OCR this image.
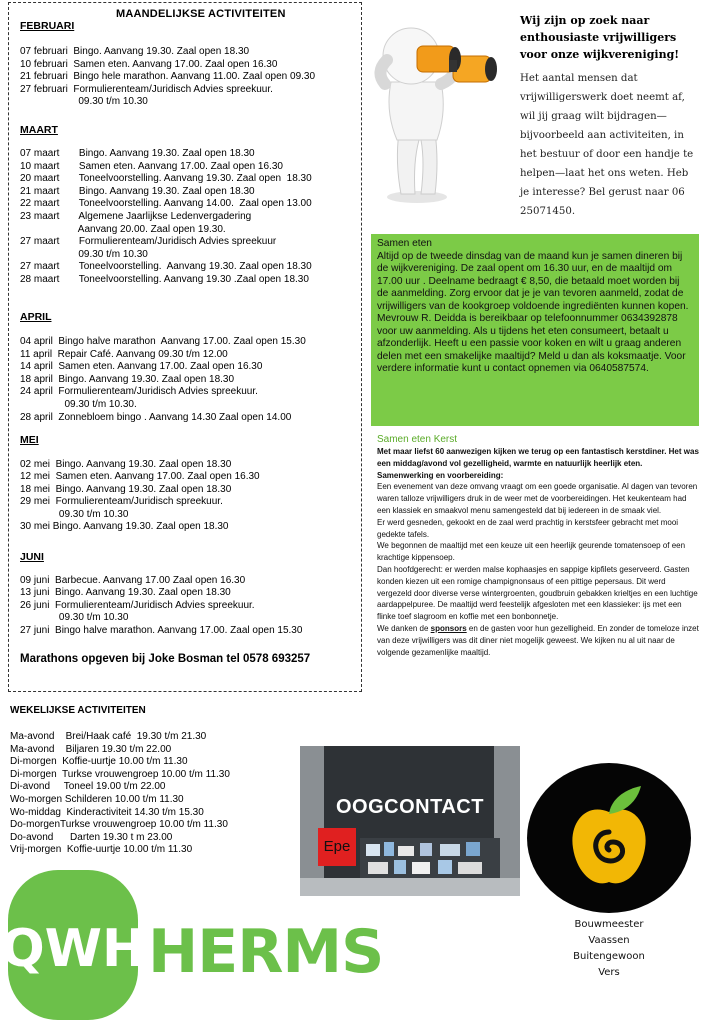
MAANDELIJKSE ACTIVITEITEN
FEBRUARI
07 februari  Bingo. Aanvang 19.30. Zaal open 18.30
10 februari  Samen eten. Aanvang 17.00. Zaal open 16.30
21 februari  Bingo hele marathon. Aanvang 11.00. Zaal open 09.30
27 februari  Formulierenteam/Juridisch Advies spreekuur.
09.30 t/m 10.30
MAART
07 maart       Bingo. Aanvang 19.30. Zaal open 18.30
10 maart       Samen eten. Aanvang 17.00. Zaal open 16.30
20 maart       Toneelvoorstelling. Aanvang 19.30. Zaal open  18.30
21 maart       Bingo. Aanvang 19.30. Zaal open 18.30
22 maart       Toneelvoorstelling. Aanvang 14.00.  Zaal open 13.00
23 maart       Algemene Jaarlijkse Ledenvergadering
Aanvang 20.00. Zaal open 19.30.
27 maart       Formulierenteam/Juridisch Advies spreekuur
09.30 t/m 10.30
27 maart       Toneelvoorstelling.  Aanvang 19.30. Zaal open 18.30
28 maart       Toneelvoorstelling. Aanvang 19.30 .Zaal open 18.30
APRIL
04 april  Bingo halve marathon  Aanvang 17.00. Zaal open 15.30
11 april  Repair Café. Aanvang 09.30 t/m 12.00
14 april  Samen eten. Aanvang 17.00. Zaal open 16.30
18 april  Bingo. Aanvang 19.30. Zaal open 18.30
24 april  Formulierenteam/Juridisch Advies spreekuur.
09.30 t/m 10.30.
28 april  Zonnebloem bingo . Aanvang 14.30 Zaal open 14.00
MEI
02 mei  Bingo. Aanvang 19.30. Zaal open 18.30
12 mei  Samen eten. Aanvang 17.00. Zaal open 16.30
18 mei  Bingo. Aanvang 19.30. Zaal open 18.30
29 mei  Formulierenteam/Juridisch spreekuur.
09.30 t/m 10.30
30 mei Bingo. Aanvang 19.30. Zaal open 18.30
JUNI
09 juni  Barbecue. Aanvang 17.00 Zaal open 16.30
13 juni  Bingo. Aanvang 19.30. Zaal open 18.30
26 juni  Formulierenteam/Juridisch Advies spreekuur.
09.30 t/m 10.30
27 juni  Bingo halve marathon. Aanvang 17.00. Zaal open 15.30
Marathons opgeven bij Joke Bosman tel 0578 693257
WEKELIJKSE ACTIVITEITEN
Ma-avond    Brei/Haak café  19.30 t/m 21.30
Ma-avond    Biljaren 19.30 t/m 22.00
Di-morgen  Koffie-uurtje 10.00 t/m 11.30
Di-morgen  Turkse vrouwengroep 10.00 t/m 11.30
Di-avond     Toneel 19.00 t/m 22.00
Wo-morgen Schilderen 10.00 t/m 11.30
Wo-middag  Kinderactiviteit 14.30 t/m 15.30
Do-morgenTurkse vrouwengroep 10.00 t/m 11.30
Do-avond      Darten 19.30 t m 23.00
Vrij-morgen  Koffie-uurtje 10.00 t/m 11.30
Wij zijn op zoek naar enthousiaste vrijwilligers voor onze wijkvereniging!
Het aantal mensen dat vrijwilligerswerk doet neemt af, wil jij graag wilt bijdragen— bijvoorbeeld aan activiteiten, in het bestuur of door een handje te helpen—laat het ons weten. Heb je interesse? Bel gerust naar 06 25071450.

Samen eten

Altijd op de tweede dinsdag van de maand kun je samen dineren bij de wijkvereniging. De zaal opent om 16.30 uur, en de maaltijd om 17.00 uur . Deelname bedraagt € 8,50, die betaald moet worden bij de aanmelding. Zorg ervoor dat je je van tevoren aanmeld, zodat de vrijwilligers van de kookgroep voldoende ingrediënten kunnen kopen. Mevrouw R. Deidda is bereikbaar op telefoonnummer 0634392878 voor uw aanmelding. Als u tijdens het eten consumeert, betaalt u afzonderlijk. Heeft u een passie voor koken en wilt u graag anderen delen met een smakelijke maaltijd? Meld u dan als koksmaatje. Voor verdere informatie kunt u contact opnemen via 0640587574.

Samen eten Kerst

Met maar liefst 60 aanwezigen kijken we terug op een fantastisch kerstdiner. Het was een middag/avond vol gezelligheid, warmte en natuurlijk heerlijk eten.

Samenwerking en voorbereiding:

Een evenement van deze omvang vraagt om een goede organisatie. Al dagen van tevoren waren talloze vrijwilligers druk in de weer met de voorbereidingen. Het keukenteam had een klassiek en smaakvol menu samengesteld dat bij iedereen in de smaak viel.

Er werd gesneden, gekookt en de zaal werd prachtig in kerstsfeer gebracht met mooi gedekte tafels.

We begonnen de maaltijd met een keuze uit een heerlijk geurende tomatensoep of een krachtige kippensoep.

Dan hoofdgerecht: er werden malse kophaasjes en sappige kipfilets geserveerd. Gasten konden kiezen uit een romige champignonsaus of een pittige pepersaus. Dit werd vergezeld door diverse verse wintergroenten, goudbruin gebakken krieltjes en een luchtige aardappelpuree. De maaltijd werd feestelijk afgesloten met een klassieker: ijs met een flinke toef slagroom en koffie met een bonbonnetje.

We danken de sponsors en de gasten voor hun gezelligheid. En zonder de tomeloze inzet van deze vrijwilligers was dit diner niet mogelijk geweest. We kijken nu al uit naar de volgende gezamenlijke maaltijd.

OOGCONTACT
Epe
Bouwmeester
Vaassen
Buitengewoon
Vers
QWH HERMS
